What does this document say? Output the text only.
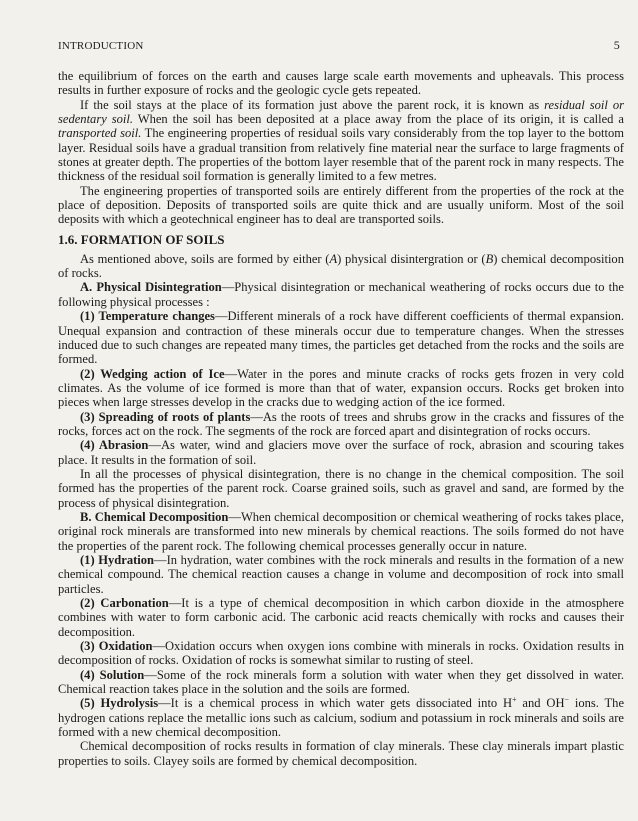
INTRODUCTION	5

the equilibrium of forces on the earth and causes large scale earth movements and upheavals. This process results in further exposure of rocks and the geologic cycle gets repeated.

If the soil stays at the place of its formation just above the parent rock, it is known as residual soil or sedentary soil. When the soil has been deposited at a place away from the place of its origin, it is called a transported soil. The engineering properties of residual soils vary considerably from the top layer to the bottom layer. Residual soils have a gradual transition from relatively fine material near the surface to large fragments of stones at greater depth. The properties of the bottom layer resemble that of the parent rock in many respects. The thickness of the residual soil formation is generally limited to a few metres.

The engineering properties of transported soils are entirely different from the properties of the rock at the place of deposition. Deposits of transported soils are quite thick and are usually uniform. Most of the soil deposits with which a geotechnical engineer has to deal are transported soils.

1.6. FORMATION OF SOILS

As mentioned above, soils are formed by either (A) physical disintergration or (B) chemical decomposition of rocks.

A. Physical Disintegration—Physical disintegration or mechanical weathering of rocks occurs due to the following physical processes :

(1) Temperature changes—Different minerals of a rock have different coefficients of thermal expansion. Unequal expansion and contraction of these minerals occur due to temperature changes. When the stresses induced due to such changes are repeated many times, the particles get detached from the rocks and the soils are formed.

(2) Wedging action of Ice—Water in the pores and minute cracks of rocks gets frozen in very cold climates. As the volume of ice formed is more than that of water, expansion occurs. Rocks get broken into pieces when large stresses develop in the cracks due to wedging action of the ice formed.

(3) Spreading of roots of plants—As the roots of trees and shrubs grow in the cracks and fissures of the rocks, forces act on the rock. The segments of the rock are forced apart and disintegration of rocks occurs.

(4) Abrasion—As water, wind and glaciers move over the surface of rock, abrasion and scouring takes place. It results in the formation of soil.

In all the processes of physical disintegration, there is no change in the chemical composition. The soil formed has the properties of the parent rock. Coarse grained soils, such as gravel and sand, are formed by the process of physical disintegration.

B. Chemical Decomposition—When chemical decomposition or chemical weathering of rocks takes place, original rock minerals are transformed into new minerals by chemical reactions. The soils formed do not have the properties of the parent rock. The following chemical processes generally occur in nature.

(1) Hydration—In hydration, water combines with the rock minerals and results in the formation of a new chemical compound. The chemical reaction causes a change in volume and decomposition of rock into small particles.

(2) Carbonation—It is a type of chemical decomposition in which carbon dioxide in the atmosphere combines with water to form carbonic acid. The carbonic acid reacts chemically with rocks and causes their decomposition.

(3) Oxidation—Oxidation occurs when oxygen ions combine with minerals in rocks. Oxidation results in decomposition of rocks. Oxidation of rocks is somewhat similar to rusting of steel.

(4) Solution—Some of the rock minerals form a solution with water when they get dissolved in water. Chemical reaction takes place in the solution and the soils are formed.

(5) Hydrolysis—It is a chemical process in which water gets dissociated into H+ and OH− ions. The hydrogen cations replace the metallic ions such as calcium, sodium and potassium in rock minerals and soils are formed with a new chemical decomposition.

Chemical decomposition of rocks results in formation of clay minerals. These clay minerals impart plastic properties to soils. Clayey soils are formed by chemical decomposition.
